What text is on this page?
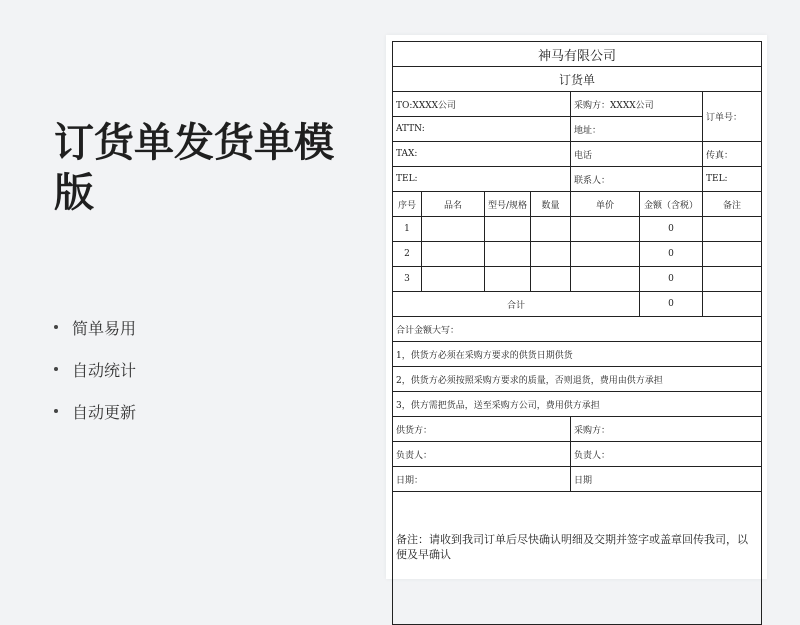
订货单发货单模版
简单易用
自动统计
自动更新
神马有限公司						
订货单						
TO:XXXX公司				采购方：XXXX公司		订单号：
ATTN:				地址：		
TAX:				电话		传真：
TEL:				联系人：		TEL:
序号	品名	型号/规格	数量	单价	金额（含税）	备注
1					0	
2					0	
3					0	
合计					0	
合计金额大写：						
1，供货方必须在采购方要求的供货日期供货						
2，供货方必须按照采购方要求的质量，否则退货，费用由供方承担						
3，供方需把货品，送至采购方公司，费用供方承担						
供货方：				采购方：		
负责人：				负责人：		
日期：				日期		
备注：请收到我司订单后尽快确认明细及交期并签字或盖章回传我司，以便及早确认						
